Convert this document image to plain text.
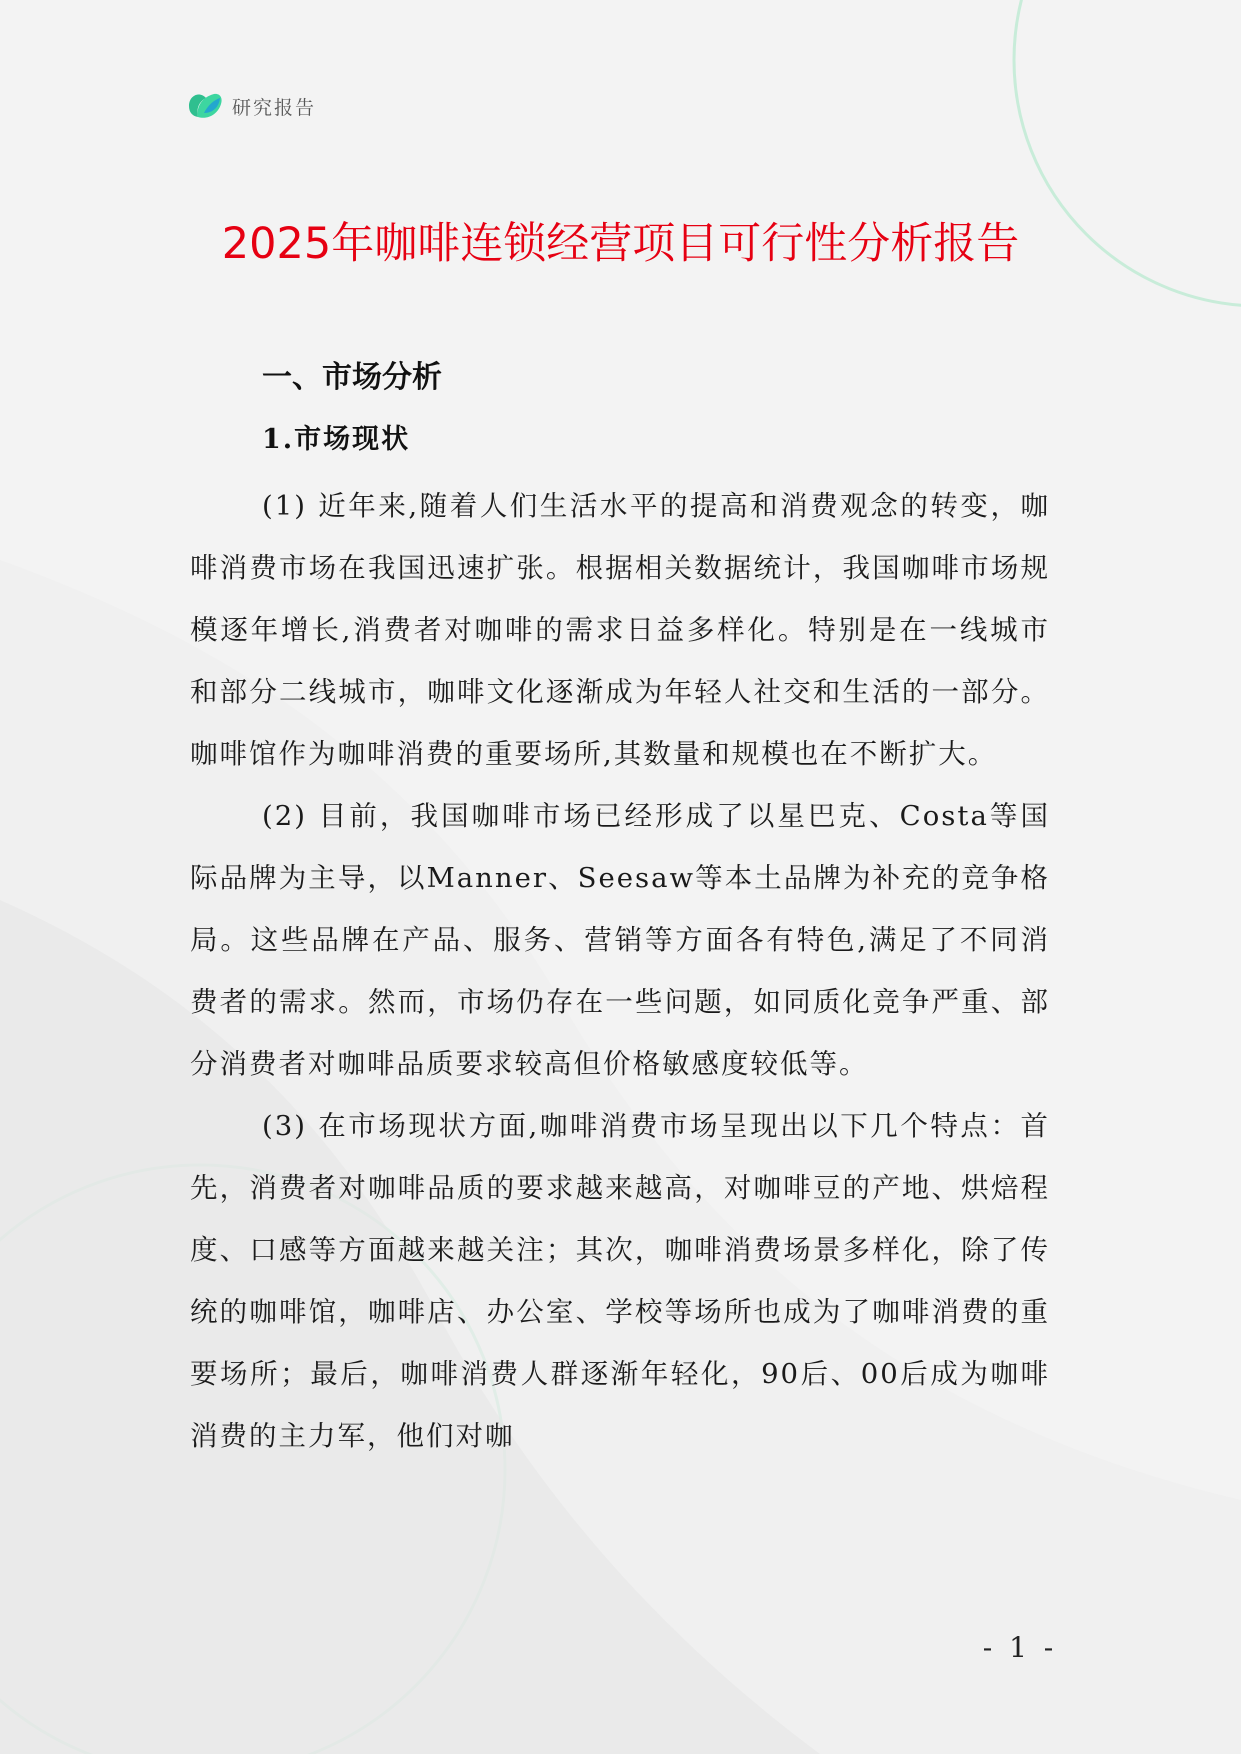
研究报告
2025年咖啡连锁经营项目可行性分析报告
一、市场分析
1.市场现状

(1) 近年来,随着人们生活水平的提高和消费观念的转变，咖啡消费市场在我国迅速扩张。根据相关数据统计，我国咖啡市场规模逐年增长,消费者对咖啡的需求日益多样化。特别是在一线城市和部分二线城市，咖啡文化逐渐成为年轻人社交和生活的一部分。咖啡馆作为咖啡消费的重要场所,其数量和规模也在不断扩大。

(2) 目前，我国咖啡市场已经形成了以星巴克、Costa等国际品牌为主导，以Manner、Seesaw等本土品牌为补充的竞争格局。这些品牌在产品、服务、营销等方面各有特色,满足了不同消费者的需求。然而，市场仍存在一些问题，如同质化竞争严重、部分消费者对咖啡品质要求较高但价格敏感度较低等。

(3) 在市场现状方面,咖啡消费市场呈现出以下几个特点：首先，消费者对咖啡品质的要求越来越高，对咖啡豆的产地、烘焙程度、口感等方面越来越关注；其次，咖啡消费场景多样化，除了传统的咖啡馆，咖啡店、办公室、学校等场所也成为了咖啡消费的重要场所；最后，咖啡消费人群逐渐年轻化，90后、00后成为咖啡消费的主力军，他们对咖

- 1 -
